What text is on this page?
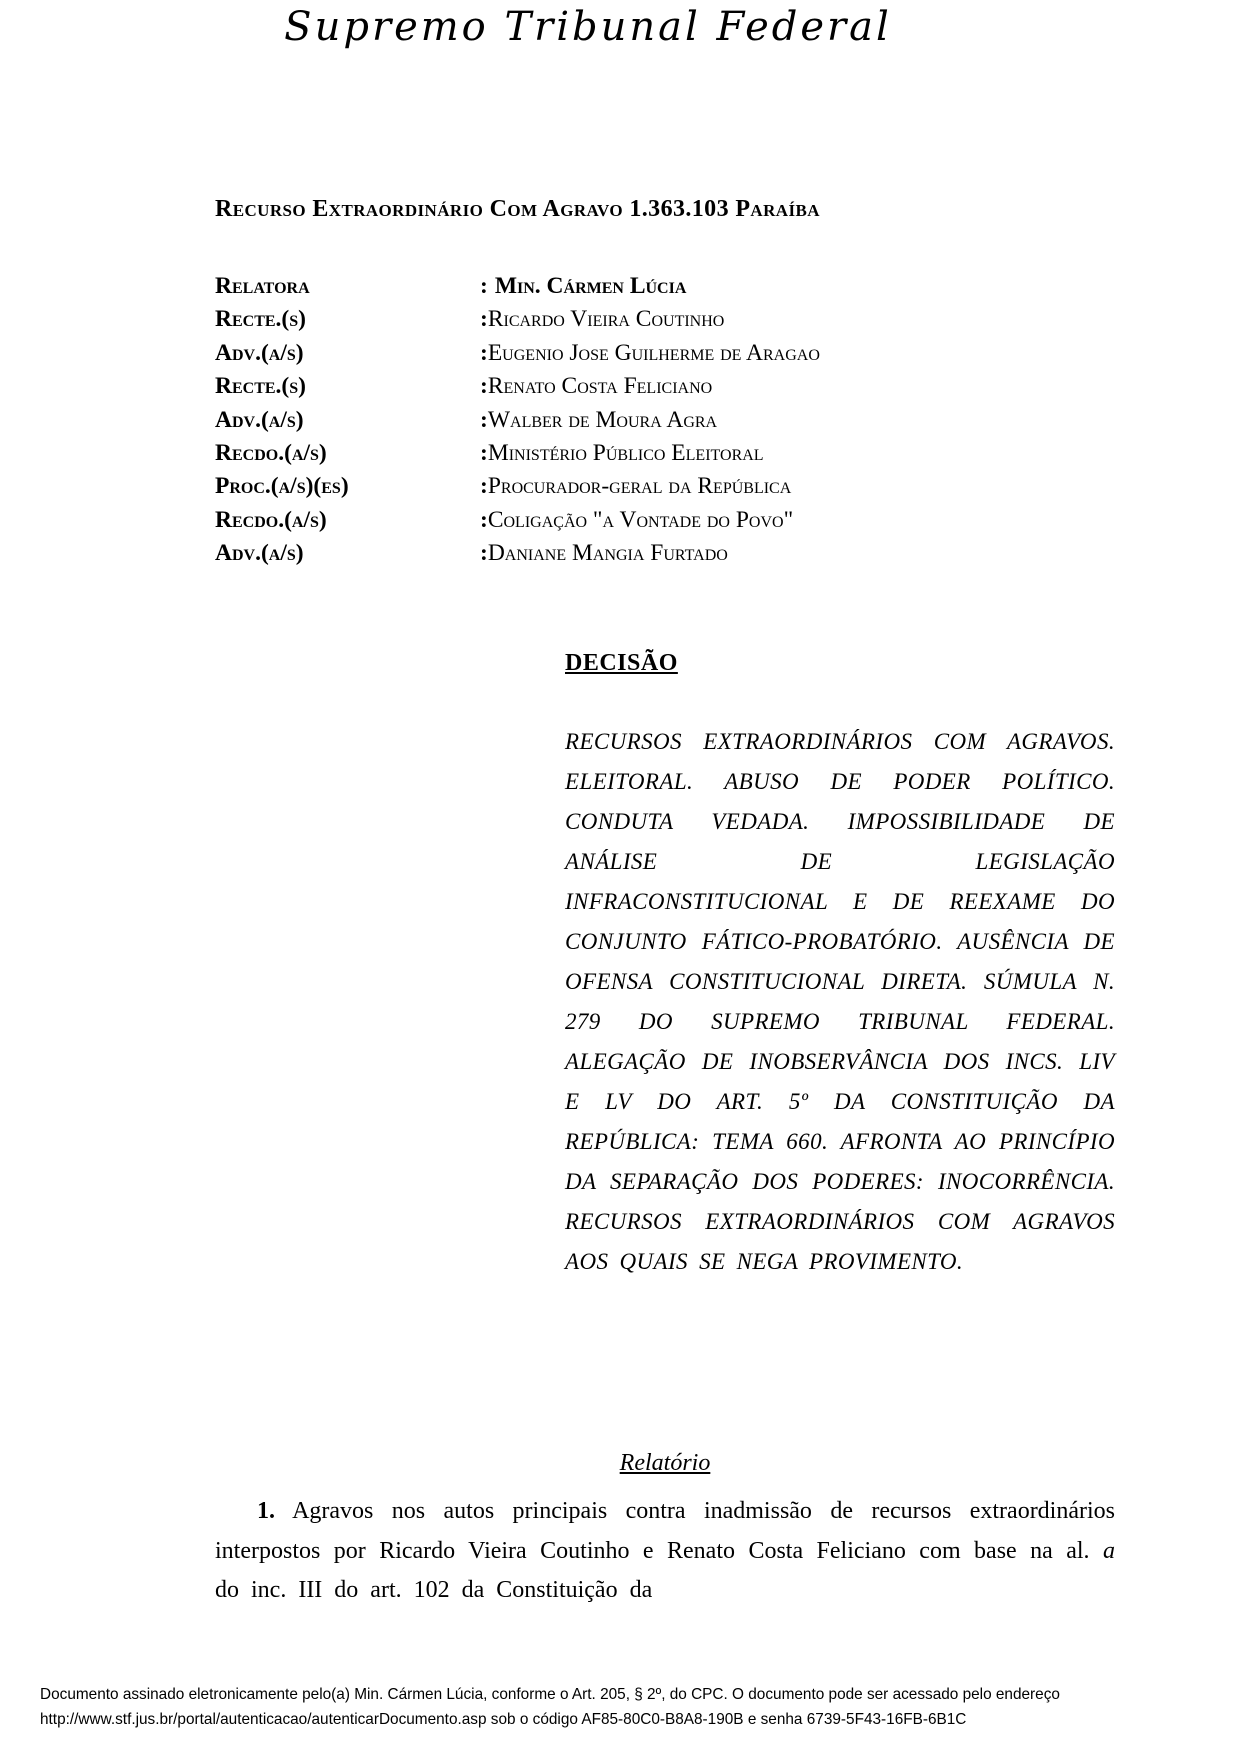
Supremo Tribunal Federal
Recurso Extraordinário Com Agravo 1.363.103 Paraíba
Relatora	: Min. Cármen Lúcia
Recte.(s)	: Ricardo Vieira Coutinho
Adv.(a/s)	: Eugenio Jose Guilherme de Aragao
Recte.(s)	: Renato Costa Feliciano
Adv.(a/s)	: Walber de Moura Agra
Recdo.(a/s)	: Ministério Público Eleitoral
Proc.(a/s)(es)	: Procurador-geral da República
Recdo.(a/s)	: Coligação "a Vontade do Povo"
Adv.(a/s)	: Daniane Mangia Furtado
DECISÃO
RECURSOS EXTRAORDINÁRIOS COM AGRAVOS. ELEITORAL. ABUSO DE PODER POLÍTICO. CONDUTA VEDADA. IMPOSSIBILIDADE DE ANÁLISE DE LEGISLAÇÃO INFRACONSTITUCIONAL E DE REEXAME DO CONJUNTO FÁTICO-PROBATÓRIO. AUSÊNCIA DE OFENSA CONSTITUCIONAL DIRETA. SÚMULA N. 279 DO SUPREMO TRIBUNAL FEDERAL. ALEGAÇÃO DE INOBSERVÂNCIA DOS INCS. LIV E LV DO ART. 5º DA CONSTITUIÇÃO DA REPÚBLICA: TEMA 660. AFRONTA AO PRINCÍPIO DA SEPARAÇÃO DOS PODERES: INOCORRÊNCIA. RECURSOS EXTRAORDINÁRIOS COM AGRAVOS AOS QUAIS SE NEGA PROVIMENTO.
Relatório

1. Agravos nos autos principais contra inadmissão de recursos extraordinários interpostos por Ricardo Vieira Coutinho e Renato Costa Feliciano com base na al. a do inc. III do art. 102 da Constituição da

Documento assinado eletronicamente pelo(a) Min. Cármen Lúcia, conforme o Art. 205, § 2º, do CPC. O documento pode ser acessado pelo endereço
http://www.stf.jus.br/portal/autenticacao/autenticarDocumento.asp sob o código AF85-80C0-B8A8-190B e senha 6739-5F43-16FB-6B1C
